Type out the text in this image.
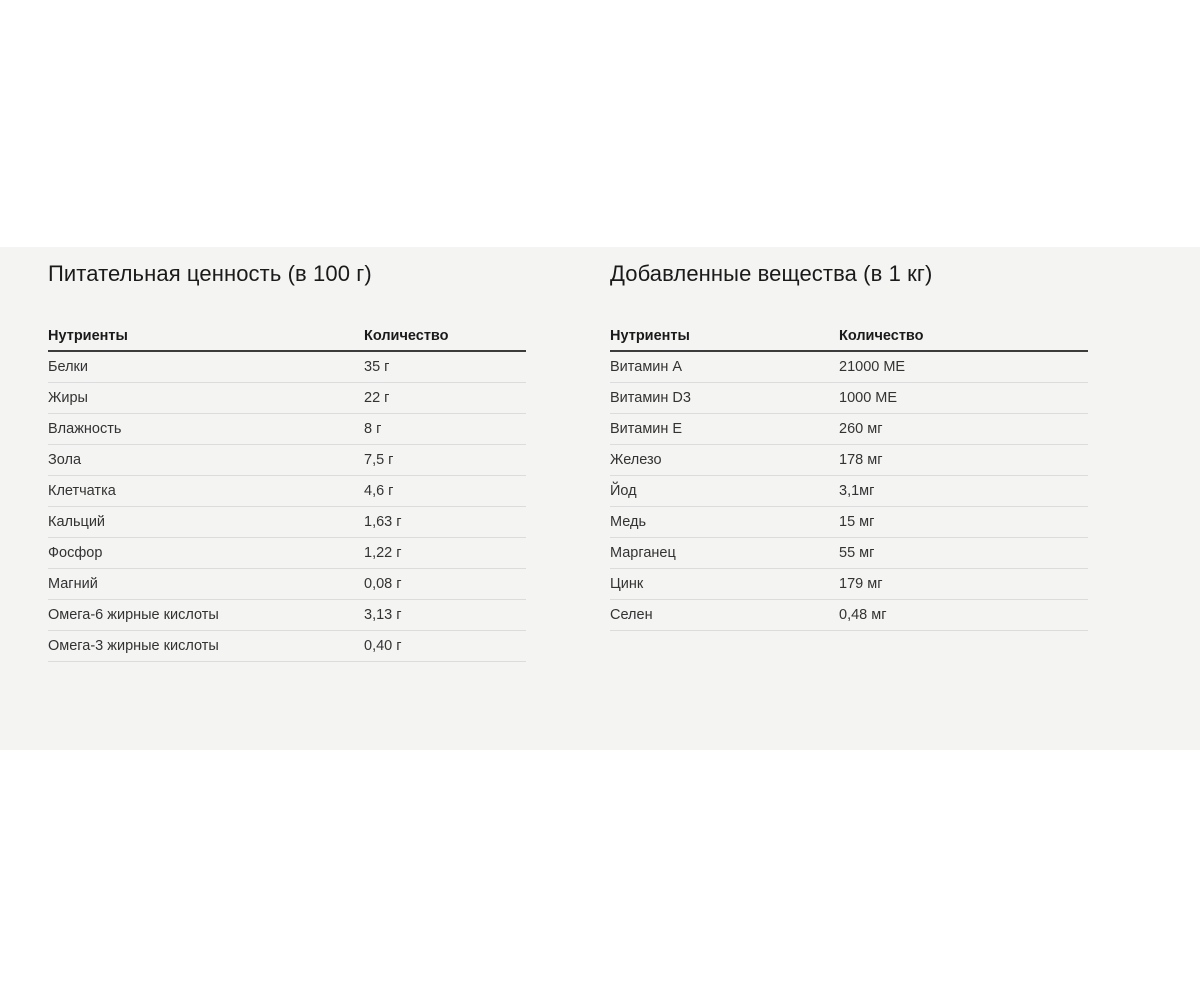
Питательная ценность (в 100 г)
Нутриенты	Количество
Белки	35 г
Жиры	22 г
Влажность	8 г
Зола	7,5 г
Клетчатка	4,6 г
Кальций	1,63 г
Фосфор	1,22 г
Магний	0,08 г
Омега-6 жирные кислоты	3,13 г
Омега-3 жирные кислоты	0,40 г
Добавленные вещества (в 1 кг)
Нутриенты	Количество
Витамин А	21000 МЕ
Витамин D3	1000 МЕ
Витамин Е	260 мг
Железо	178 мг
Йод	3,1мг
Медь	15 мг
Марганец	55 мг
Цинк	179 мг
Селен	0,48 мг
